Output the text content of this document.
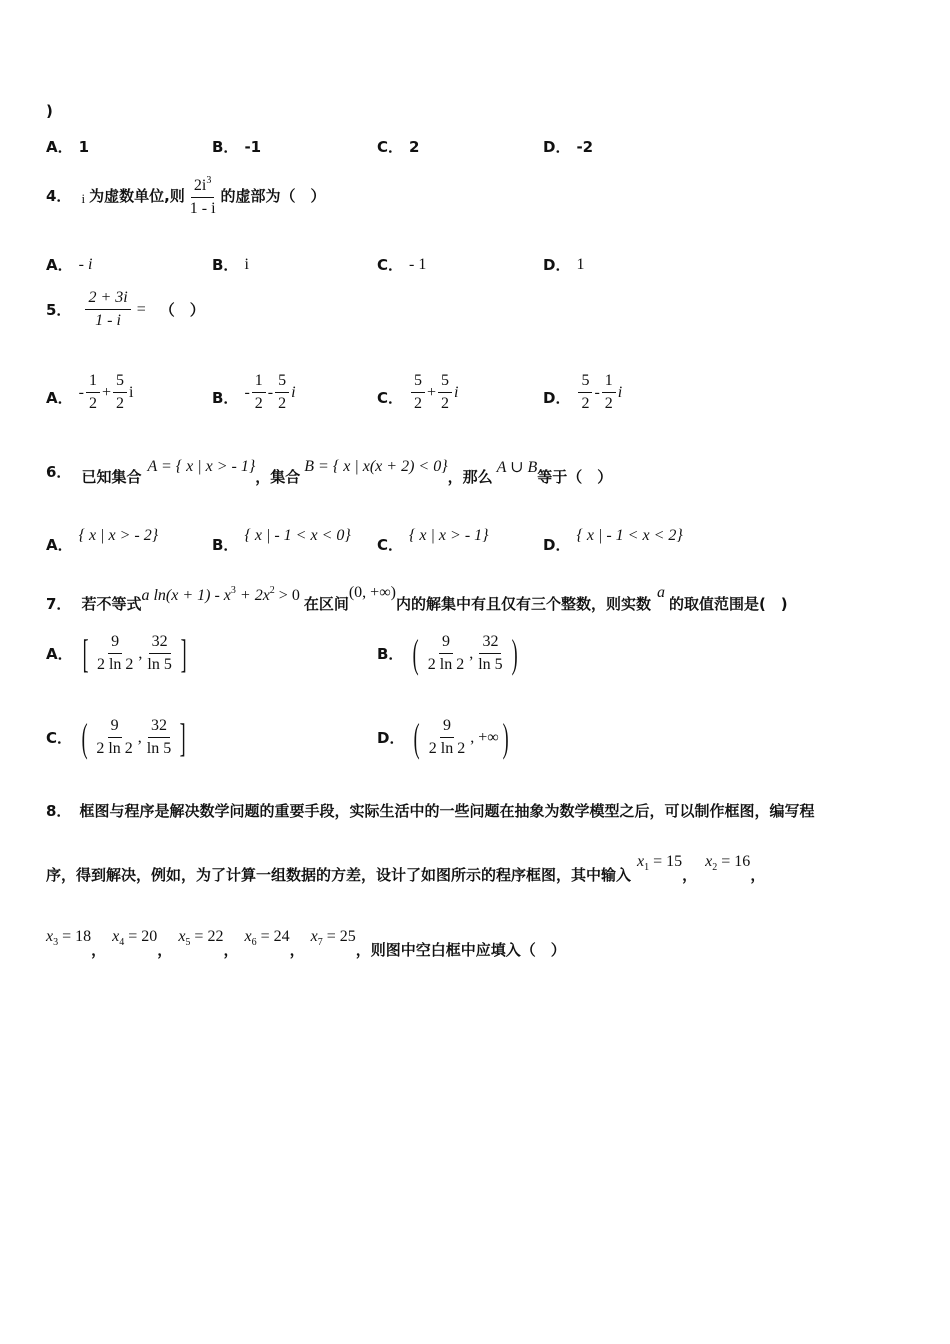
)
A． 1	B． -1	C． 2	D． -2
4． i 为虚数单位,则 $\frac{2i^3}{1 - i}$ 的虚部为（　）
A． - i	B． i	C． - 1	D． 1
5． $\frac{2 + 3i}{1 - i}$ = （　）
A． - $\frac{1}{2} + \frac{5}{2}$ i	B． - $\frac{1}{2} - \frac{5}{2}$ i	C． $\frac{5}{2} + \frac{5}{2}$ i	D． $\frac{5}{2} - \frac{1}{2}$ i
6． 已知集合
A = { x | x > - 1}
，集合
B = { x | x(x + 2) < 0}
，那么
A ∪ B
等于（　）
A．
{ x | x > - 2}
B．
{ x | - 1 < x < 0}
C．
{ x | x > - 1}
D．
{ x | - 1 < x < 2}
7． 若不等式 a $\ln(x + 1) - x^3 + 2x^2 > 0$ 在区间
(0, +∞)
内的解集中有且仅有三个整数，则实数
a
的取值范围是(　)
A． [ $\frac{9}{2 \ln 2}$ , $\frac{32}{\ln 5}$ ]	B． ( $\frac{9}{2 \ln 2}$ , $\frac{32}{\ln 5}$ )
C． ( $\frac{9}{2 \ln 2}$ , $\frac{32}{\ln 5}$ ]	D． ( $\frac{9}{2 \ln 2}$ , +∞ )
8． 框图与程序是解决数学问题的重要手段，实际生活中的一些问题在抽象为数学模型之后，可以制作框图，编写程
序，得到解决，例如，为了计算一组数据的方差，设计了如图所示的程序框图，其中输入
$x_1 = 15$
，
$x_2 = 16$
，
$x_3 = 18$
，
$x_4 = 20$
，
$x_5 = 22$
，
$x_6 = 24$
，
$x_7 = 25$
，则图中空白框中应填入（　）
